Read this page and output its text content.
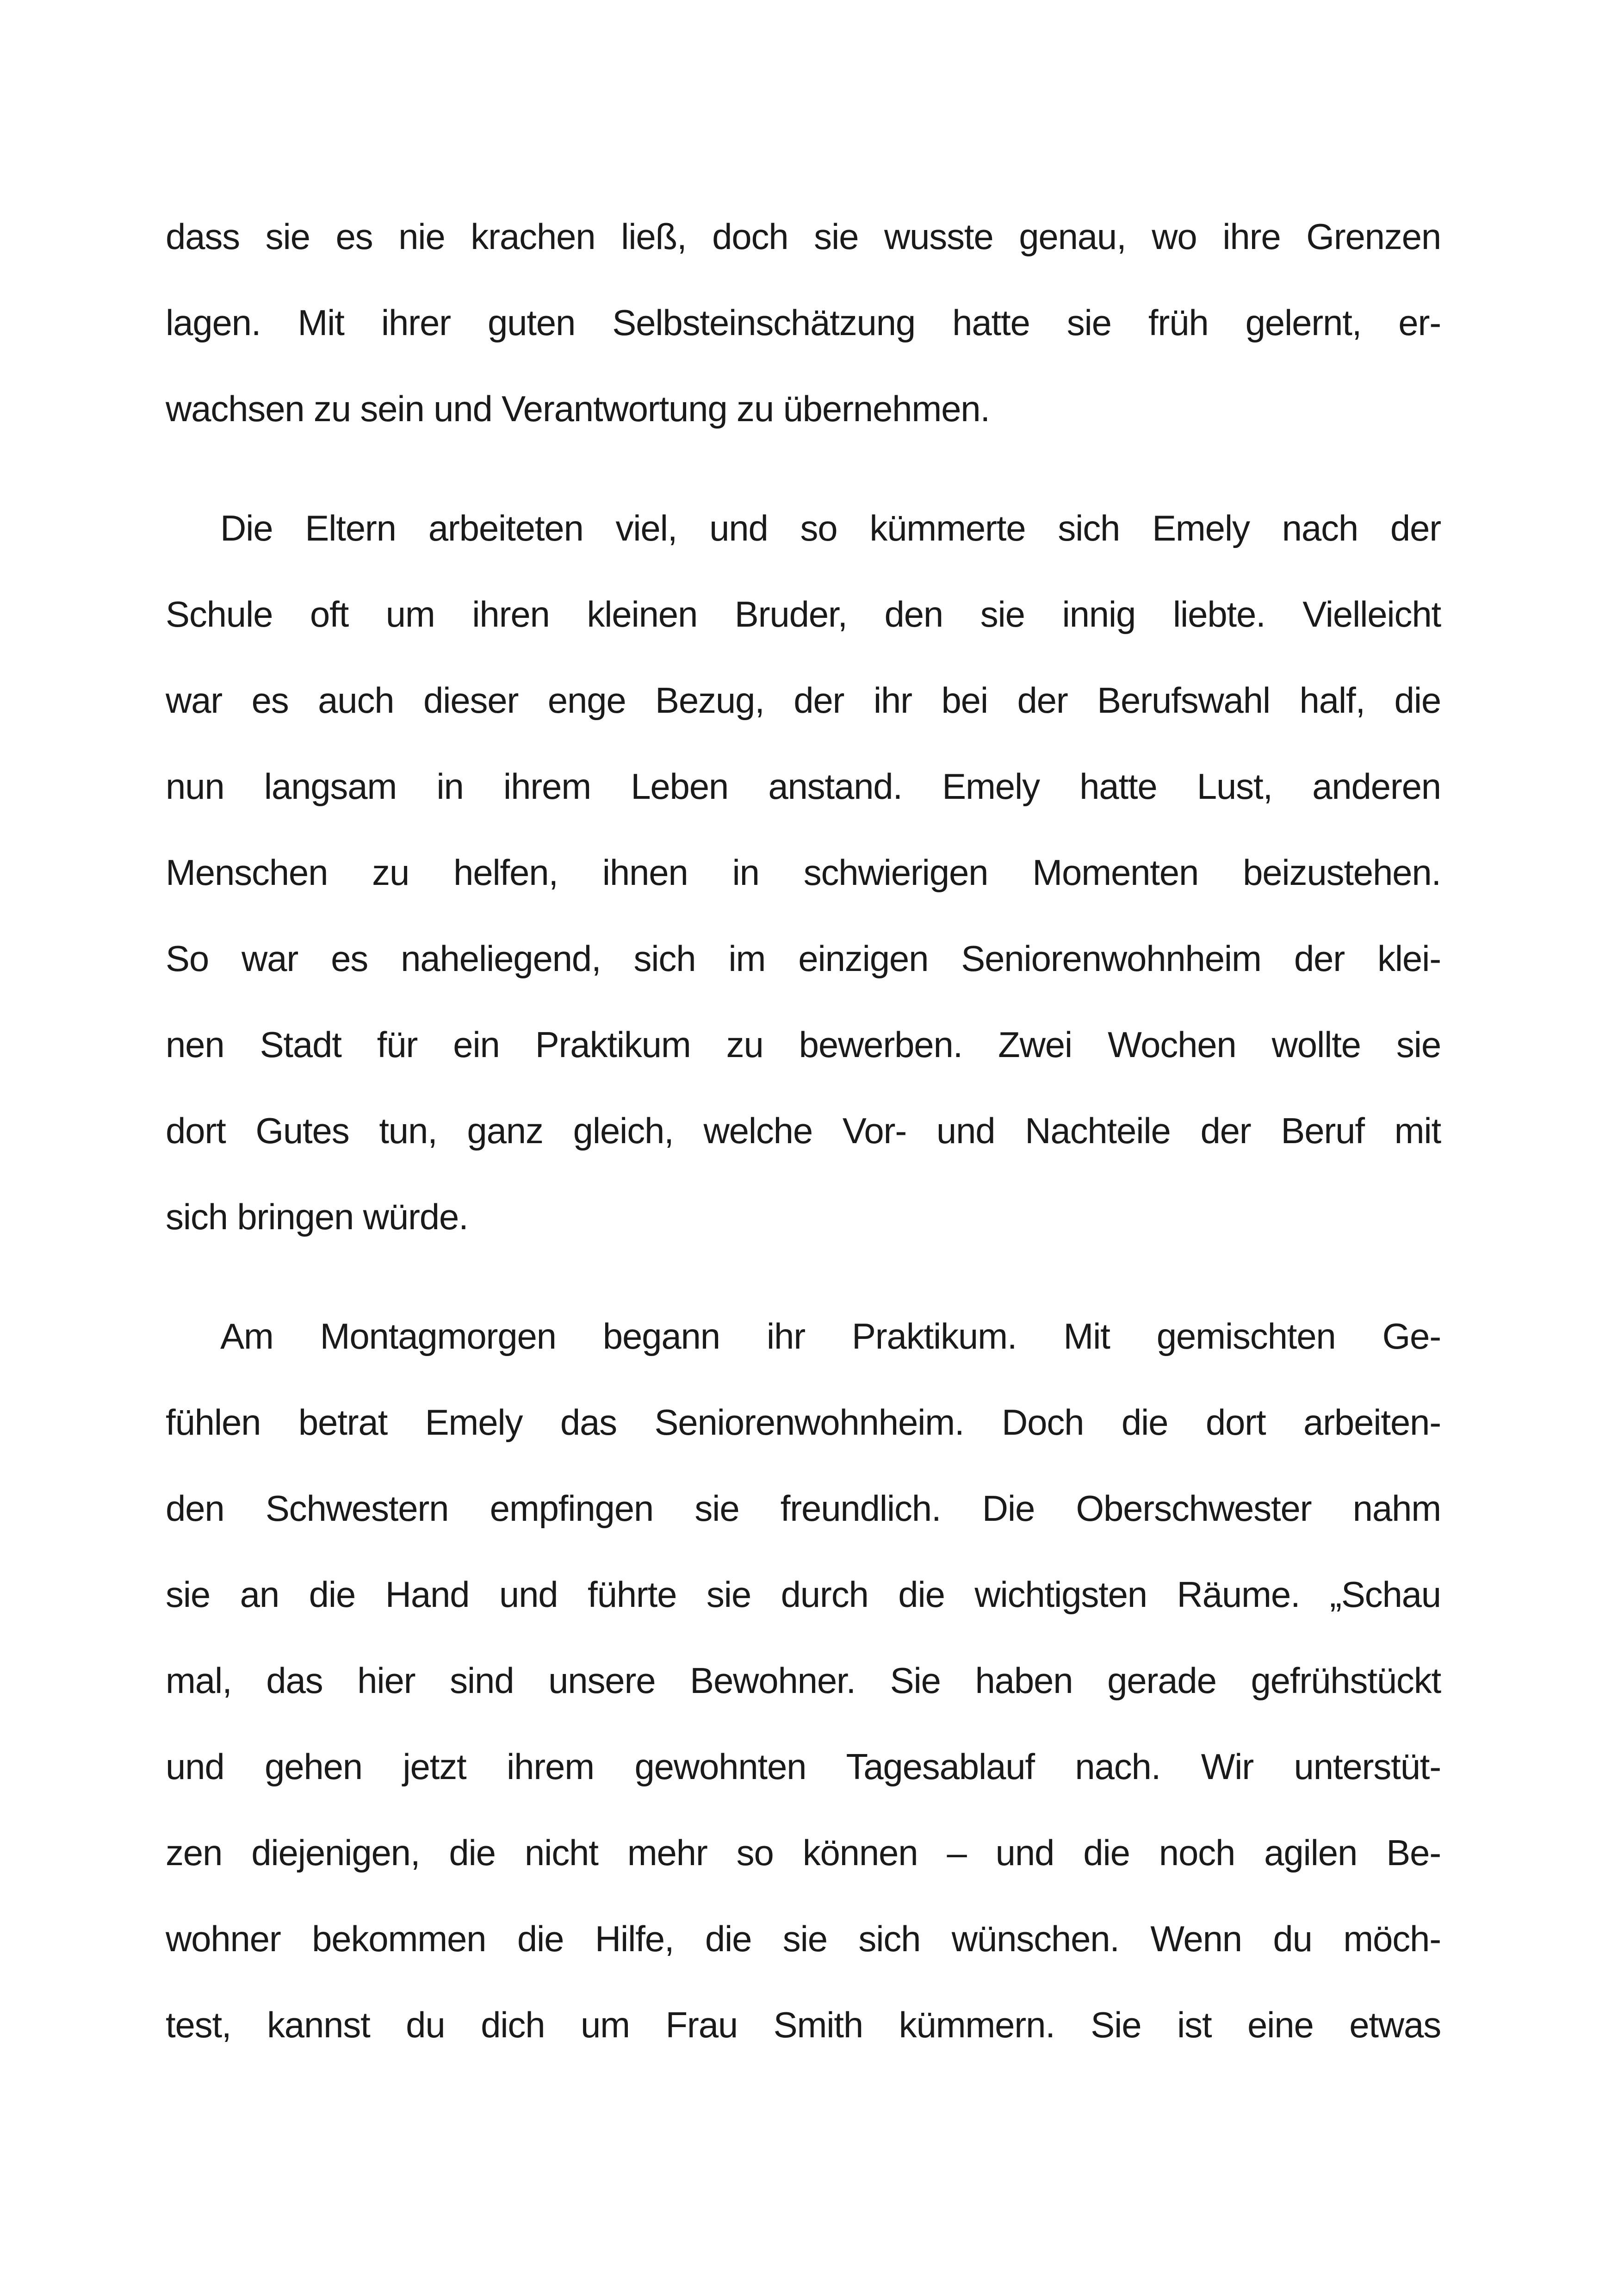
dass sie es nie krachen ließ, doch sie wusste genau, wo ihre Grenzen
lagen. Mit ihrer guten Selbsteinschätzung hatte sie früh gelernt, er-
wachsen zu sein und Verantwortung zu übernehmen.
Die Eltern arbeiteten viel, und so kümmerte sich Emely nach der
Schule oft um ihren kleinen Bruder, den sie innig liebte. Vielleicht
war es auch dieser enge Bezug, der ihr bei der Berufswahl half, die
nun langsam in ihrem Leben anstand. Emely hatte Lust, anderen
Menschen zu helfen, ihnen in schwierigen Momenten beizustehen.
So war es naheliegend, sich im einzigen Seniorenwohnheim der klei-
nen Stadt für ein Praktikum zu bewerben. Zwei Wochen wollte sie
dort Gutes tun, ganz gleich, welche Vor- und Nachteile der Beruf mit
sich bringen würde.
Am Montagmorgen begann ihr Praktikum. Mit gemischten Ge-
fühlen betrat Emely das Seniorenwohnheim. Doch die dort arbeiten-
den Schwestern empfingen sie freundlich. Die Oberschwester nahm
sie an die Hand und führte sie durch die wichtigsten Räume. „Schau
mal, das hier sind unsere Bewohner. Sie haben gerade gefrühstückt
und gehen jetzt ihrem gewohnten Tagesablauf nach. Wir unterstüt-
zen diejenigen, die nicht mehr so können – und die noch agilen Be-
wohner bekommen die Hilfe, die sie sich wünschen. Wenn du möch-
test, kannst du dich um Frau Smith kümmern. Sie ist eine etwas
